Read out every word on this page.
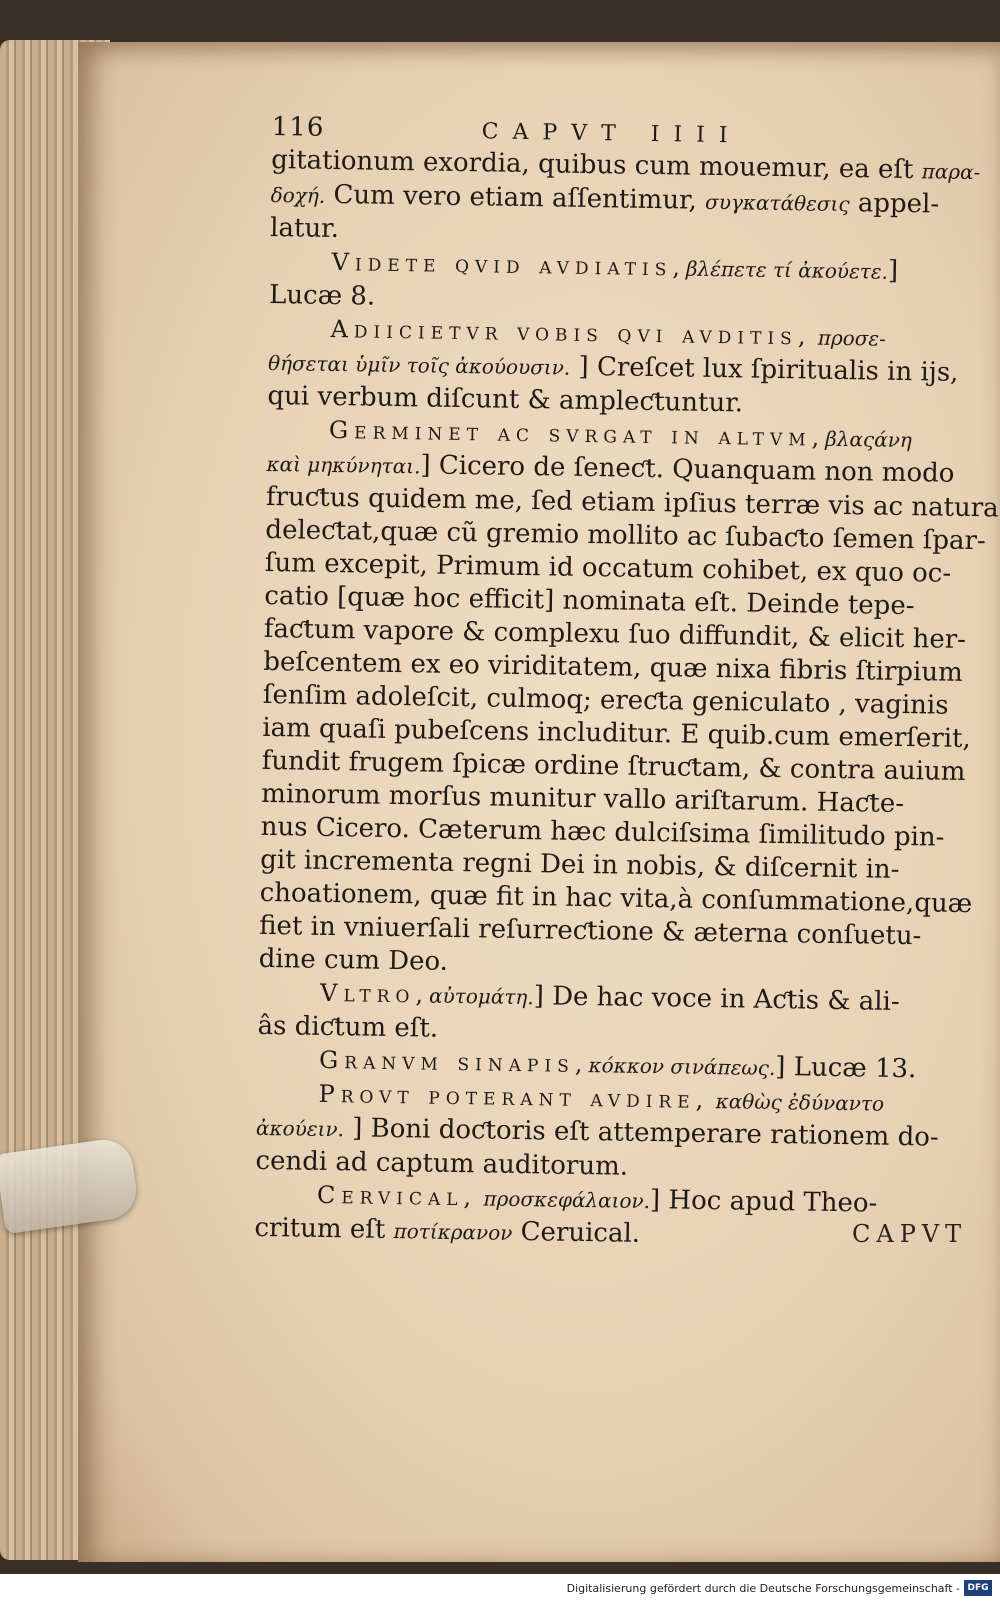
116	CAPVT IIII
gitationum exordia, quibus cum mouemur, ea eſt παρα-
δοχή. Cum vero etiam aſſentimur, συγκατάθεσις appel-
latur.
Videte qvid avdiatis,βλέπετε τί ἀκούετε.]
Lucæ 8.
Adiicietvr vobis qvi avditis, προσε-
θήσεται ὑμῖν τοῖς ἀκούουσιν. ] Creſcet lux ſpiritualis in ijs,
qui verbum diſcunt & ampleƈtuntur.
Germinet ac svrgat in altvm,βλαςάνη
καὶ μηκύνηται.] Cicero de ſeneƈt. Quanquam non modo
fruƈtus quidem me, ſed etiam ipſius terræ vis ac natura
deleƈtat,quæ cũ gremio mollito ac ſubaƈto ſemen ſpar-
ſum excepit, Primum id occatum cohibet, ex quo oc-
catio [quæ hoc efficit] nominata eſt. Deinde tepe-
faƈtum vapore & complexu ſuo diffundit, & elicit her-
beſcentem ex eo viriditatem, quæ nixa fibris ſtirpium
ſenſim adoleſcit, culmoq; ereƈta geniculato , vaginis
iam quaſi pubeſcens includitur. E quib.cum emerſerit,
fundit frugem ſpicæ ordine ſtruƈtam, & contra auium
minorum morſus munitur vallo ariſtarum. Haƈte-
nus Cicero. Cæterum hæc dulciſsima ſimilitudo pin-
git incrementa regni Dei in nobis, & diſcernit in-
choationem, quæ fit in hac vita,à conſummatione,quæ
fiet in vniuerſali reſurreƈtione & æterna conſuetu-
dine cum Deo.
Vltro,αὐτομάτη.] De hac voce in Aƈtis & ali-
âs diƈtum eſt.
Granvm sinapis,κόκκον σινάπεως.] Lucæ 13.
Provt poterant avdire, καθὼς ἐδύναντο
ἀκούειν. ] Boni doƈtoris eſt attemperare rationem do-
cendi ad captum auditorum.
Cervical, προσκεφάλαιον.] Hoc apud Theo-
critum eſt ποτίκρανον Ceruical.	CAPVT
Digitalisierung gefördert durch die Deutsche Forschungsgemeinschaft - DFG
